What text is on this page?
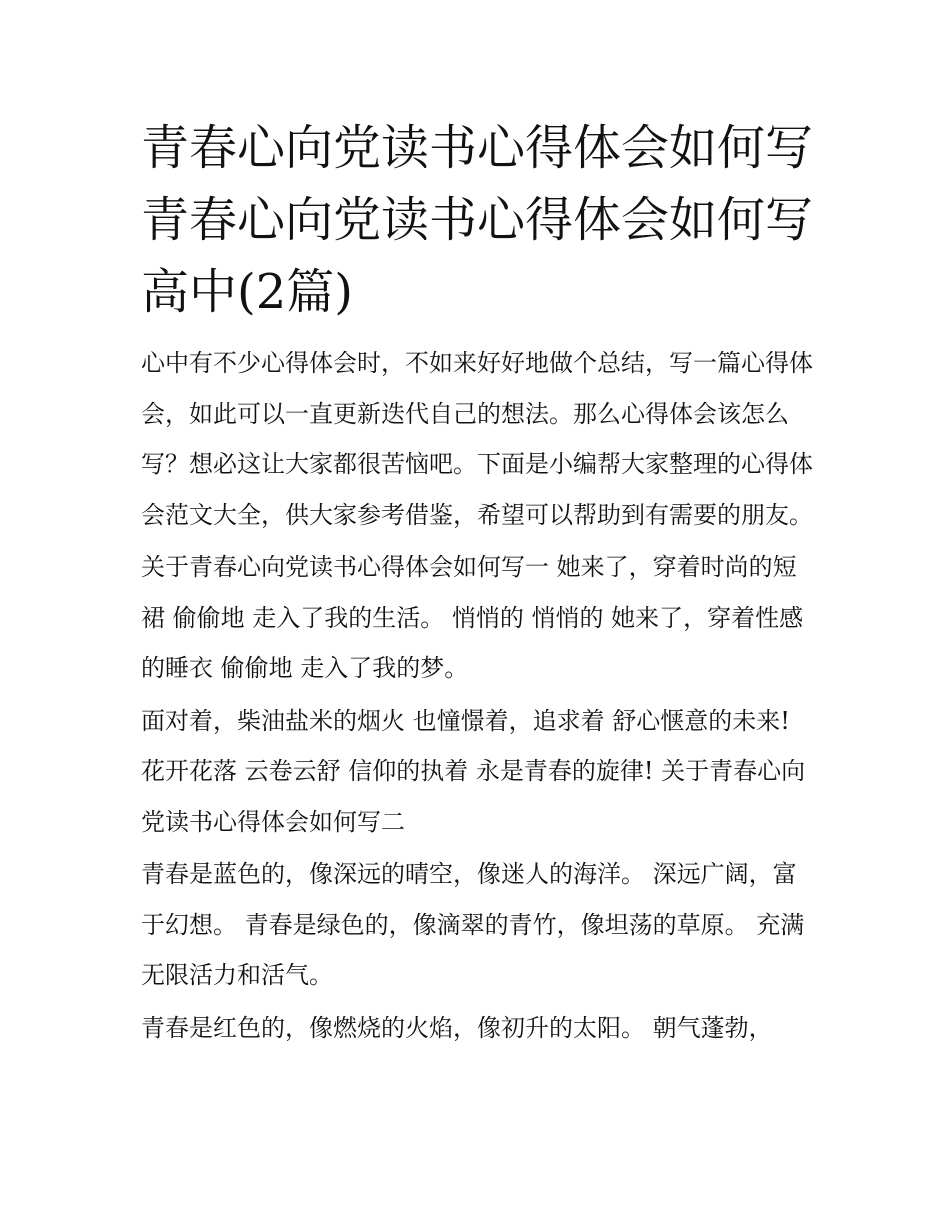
青春心向党读书心得体会如何写 青春心向党读书心得体会如何写高中(2篇)

心中有不少心得体会时，不如来好好地做个总结，写一篇心得体会，如此可以一直更新迭代自己的想法。那么心得体会该怎么写？想必这让大家都很苦恼吧。下面是小编帮大家整理的心得体会范文大全，供大家参考借鉴，希望可以帮助到有需要的朋友。

关于青春心向党读书心得体会如何写一 她来了，穿着时尚的短裙 偷偷地 走入了我的生活。 悄悄的 悄悄的 她来了，穿着性感的睡衣 偷偷地 走入了我的梦。

面对着，柴油盐米的烟火 也憧憬着，追求着 舒心惬意的未来! 花开花落 云卷云舒 信仰的执着 永是青春的旋律! 关于青春心向党读书心得体会如何写二

青春是蓝色的，像深远的晴空，像迷人的海洋。 深远广阔，富于幻想。 青春是绿色的，像滴翠的青竹，像坦荡的草原。 充满无限活力和活气。

青春是红色的，像燃烧的火焰，像初升的太阳。 朝气蓬勃，
